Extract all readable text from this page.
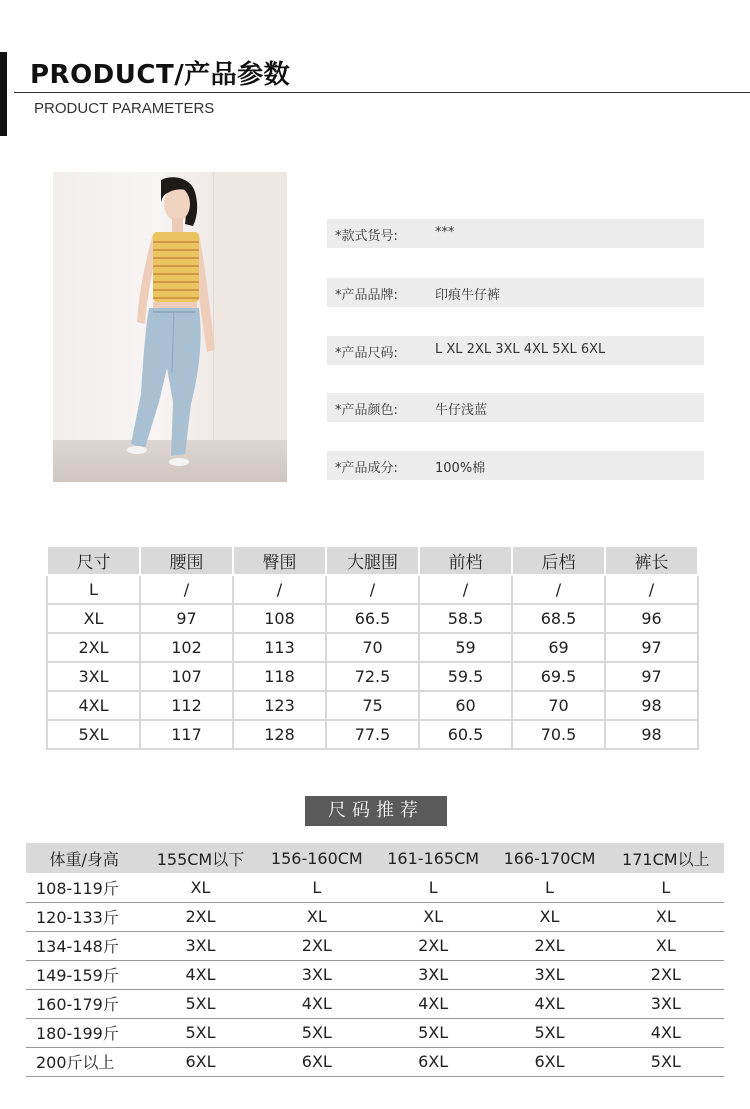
PRODUCT/产品参数
PRODUCT PARAMETERS
*款式货号:	***
*产品品牌:	印痕牛仔裤
*产品尺码:	L XL 2XL 3XL 4XL 5XL 6XL
*产品颜色:	牛仔浅蓝
*产品成分:	100%棉
尺寸	腰围	臀围	大腿围	前档	后档	裤长
L	/	/	/	/	/	/
XL	97	108	66.5	58.5	68.5	96
2XL	102	113	70	59	69	97
3XL	107	118	72.5	59.5	69.5	97
4XL	112	123	75	60	70	98
5XL	117	128	77.5	60.5	70.5	98
尺码推荐
体重/身高	155CM以下	156-160CM	161-165CM	166-170CM	171CM以上
108-119斤	XL	L	L	L	L
120-133斤	2XL	XL	XL	XL	XL
134-148斤	3XL	2XL	2XL	2XL	XL
149-159斤	4XL	3XL	3XL	3XL	2XL
160-179斤	5XL	4XL	4XL	4XL	3XL
180-199斤	5XL	5XL	5XL	5XL	4XL
200斤以上	6XL	6XL	6XL	6XL	5XL
